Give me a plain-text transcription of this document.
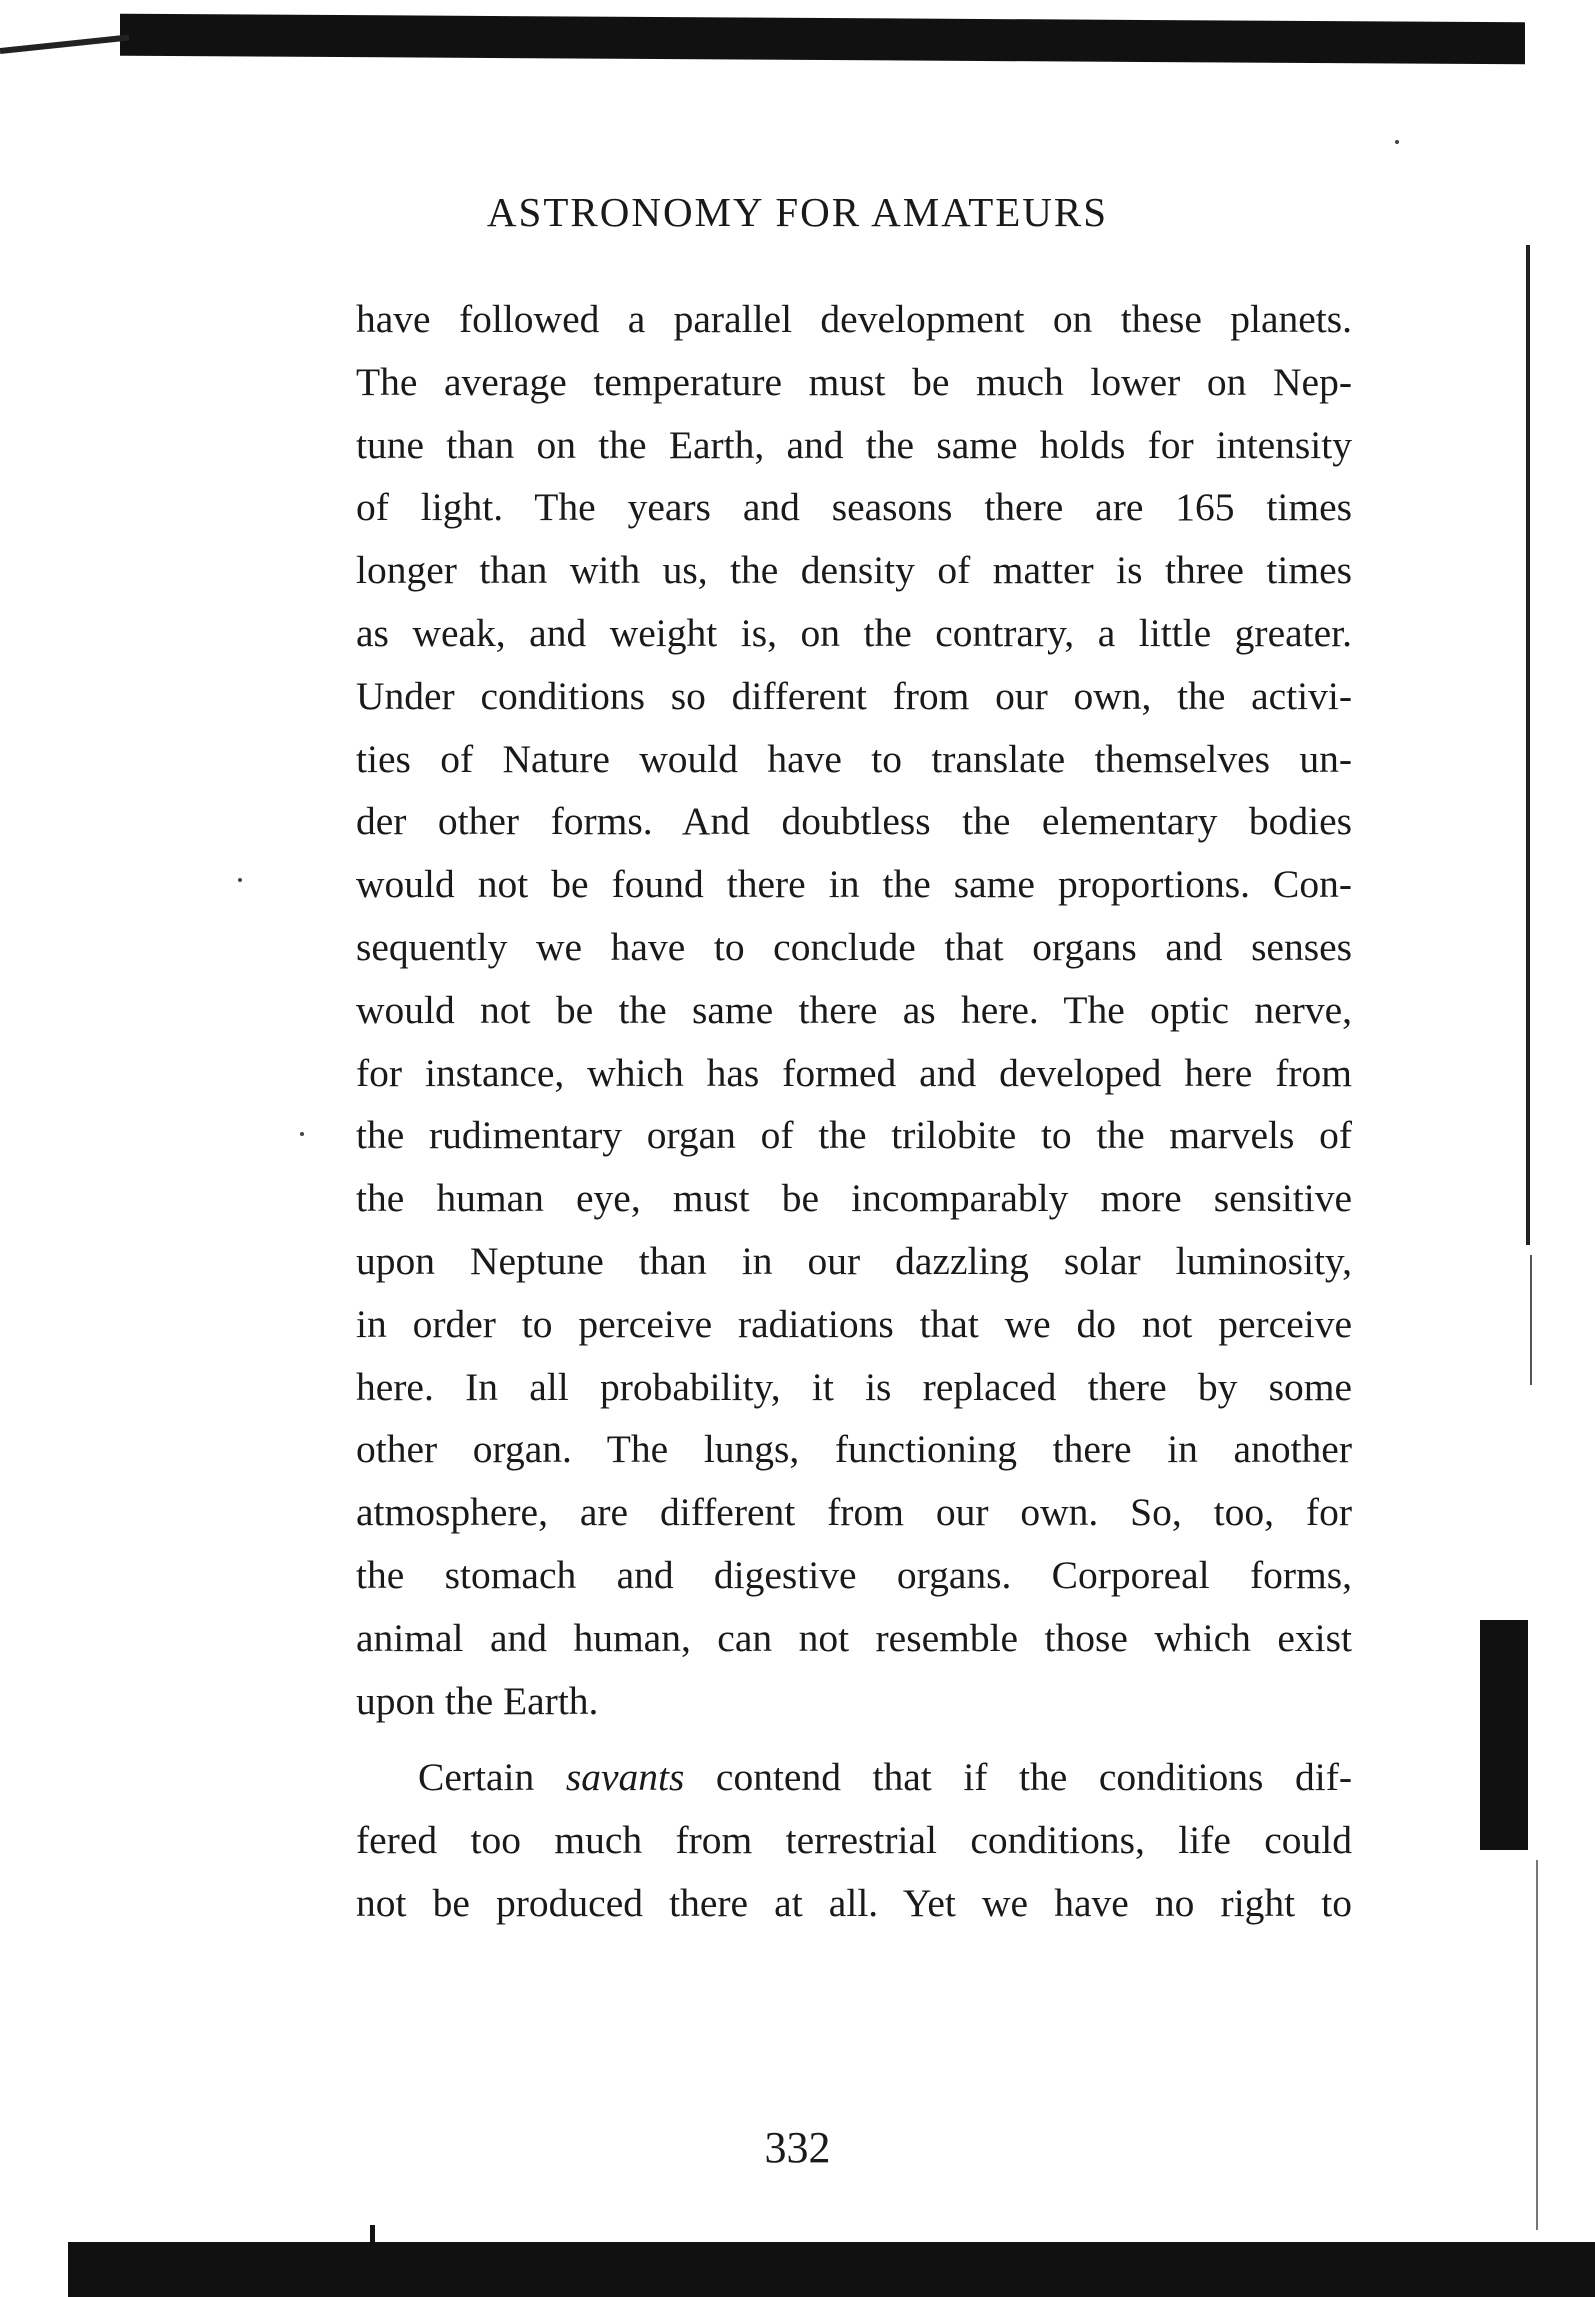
ASTRONOMY FOR AMATEURS
have followed a parallel development on these planets.
The average temperature must be much lower on Nep-
tune than on the Earth, and the same holds for intensity
of light. The years and seasons there are 165 times
longer than with us, the density of matter is three times
as weak, and weight is, on the contrary, a little greater.
Under conditions so different from our own, the activi-
ties of Nature would have to translate themselves un-
der other forms. And doubtless the elementary bodies
would not be found there in the same proportions. Con-
sequently we have to conclude that organs and senses
would not be the same there as here. The optic nerve,
for instance, which has formed and developed here from
the rudimentary organ of the trilobite to the marvels of
the human eye, must be incomparably more sensitive
upon Neptune than in our dazzling solar luminosity,
in order to perceive radiations that we do not perceive
here. In all probability, it is replaced there by some
other organ. The lungs, functioning there in another
atmosphere, are different from our own. So, too, for
the stomach and digestive organs. Corporeal forms,
animal and human, can not resemble those which exist
upon the Earth.
Certain savants contend that if the conditions dif-
fered too much from terrestrial conditions, life could
not be produced there at all. Yet we have no right to
332
